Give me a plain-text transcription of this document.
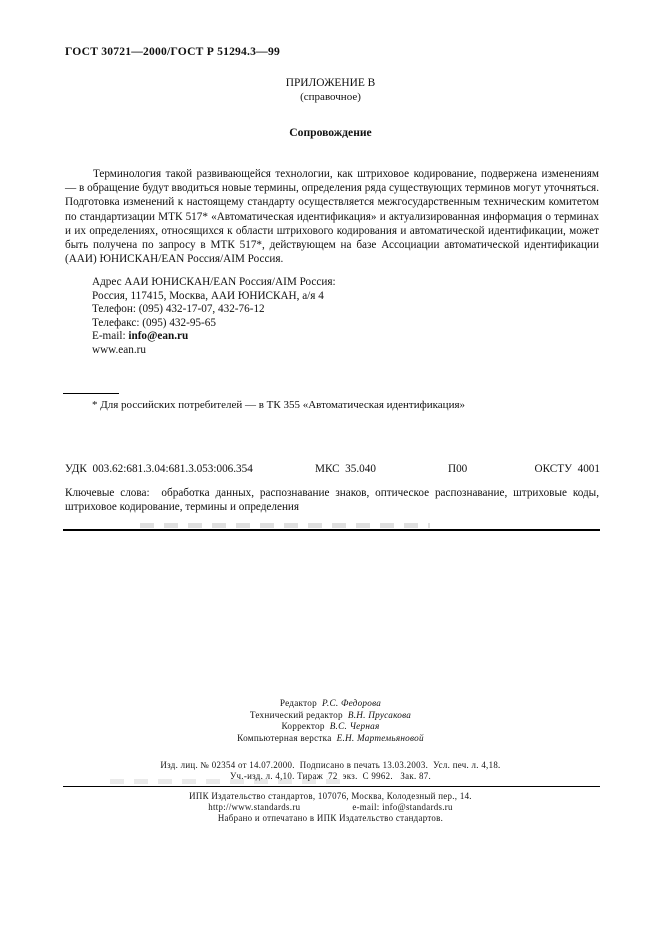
ГОСТ 30721—2000/ГОСТ Р 51294.3—99
ПРИЛОЖЕНИЕ В
(справочное)
Сопровождение
Терминология такой развивающейся технологии, как штриховое кодирование, подвержена изменениям — в обращение будут вводиться новые термины, определения ряда существующих терминов могут уточняться. Подготовка изменений к настоящему стандарту осуществляется межгосударственным техническим комитетом по стандартизации МТК 517* «Автоматическая идентификация» и актуализированная информация о терминах и их определениях, относящихся к области штрихового кодирования и автоматической идентификации, может быть получена по запросу в МТК 517*, действующем на базе Ассоциации автоматической идентификации (ААИ) ЮНИСКАН/EAN Россия/AIM Россия.
Адрес ААИ ЮНИСКАН/EAN Россия/AIM Россия:
Россия, 117415, Москва, ААИ ЮНИСКАН, а/я 4
Телефон: (095) 432-17-07, 432-76-12
Телефакс: (095) 432-95-65
E-mail: info@ean.ru
www.ean.ru
* Для российских потребителей — в ТК 355 «Автоматическая идентификация»
УДК  003.62:681.3.04:681.3.053:006.354	МКС  35.040	П00	ОКСТУ  4001
Ключевые слова:  обработка данных, распознавание знаков, оптическое распознавание, штриховые коды, штриховое кодирование, термины и определения
Редактор Р.С. Федорова
Технический редактор В.Н. Прусакова
Корректор В.С. Черная
Компьютерная верстка Е.Н. Мартемьяновой
Изд. лиц. № 02354 от 14.07.2000.  Подписано в печать 13.03.2003.  Усл. печ. л. 4,18.
Уч.-изд. л. 4,10. Тираж  72  экз.  С 9962.   Зак. 87.
ИПК Издательство стандартов, 107076, Москва, Колодезный пер., 14.
http://www.standards.ru	e-mail: info@standards.ru
Набрано и отпечатано в ИПК Издательство стандартов.
